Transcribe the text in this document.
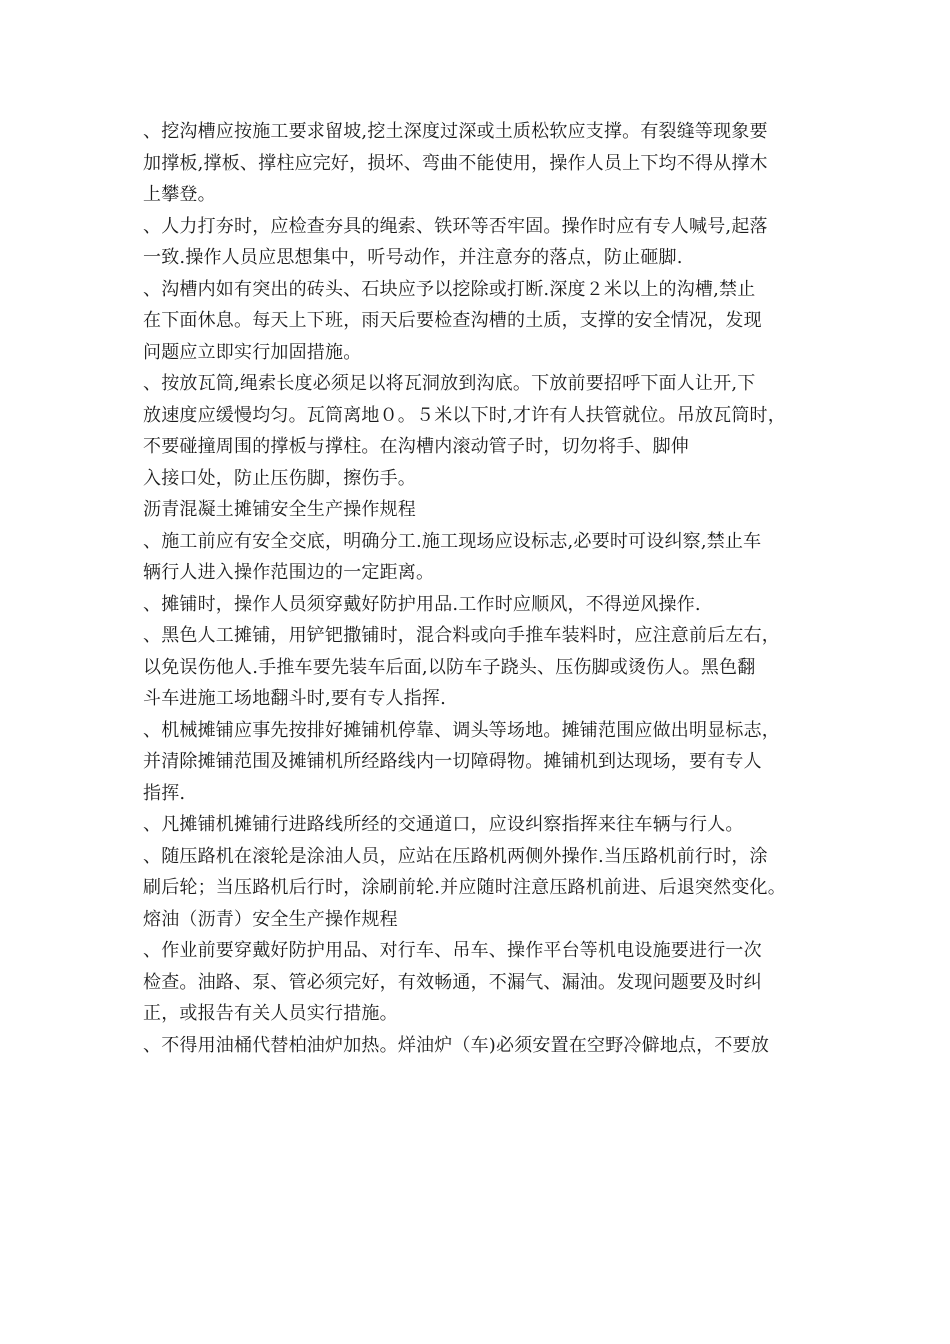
、挖沟槽应按施工要求留坡,挖土深度过深或土质松软应支撑。有裂缝等现象要
加撑板,撑板、撑柱应完好，损坏、弯曲不能使用，操作人员上下均不得从撑木
上攀登。
、人力打夯时，应检查夯具的绳索、铁环等否牢固。操作时应有专人喊号,起落
一致.操作人员应思想集中，听号动作，并注意夯的落点，防止砸脚.
、沟槽内如有突出的砖头、石块应予以挖除或打断.深度２米以上的沟槽,禁止
在下面休息。每天上下班，雨天后要检查沟槽的土质，支撑的安全情况，发现
问题应立即实行加固措施。
、按放瓦筒,绳索长度必须足以将瓦洞放到沟底。下放前要招呼下面人让开,下
放速度应缓慢均匀。瓦筒离地０。５米以下时,才许有人扶管就位。吊放瓦筒时，
不要碰撞周围的撑板与撑柱。在沟槽内滚动管子时，切勿将手、脚伸
入接口处，防止压伤脚，擦伤手。
沥青混凝土摊铺安全生产操作规程
、施工前应有安全交底，明确分工.施工现场应设标志,必要时可设纠察,禁止车
辆行人进入操作范围边的一定距离。
、摊铺时，操作人员须穿戴好防护用品.工作时应顺风，不得逆风操作.
、黑色人工摊铺，用铲钯撒铺时，混合料或向手推车装料时，应注意前后左右，
以免误伤他人.手推车要先装车后面,以防车子跷头、压伤脚或烫伤人。黑色翻
斗车进施工场地翻斗时,要有专人指挥.
、机械摊铺应事先按排好摊铺机停靠、调头等场地。摊铺范围应做出明显标志，
并清除摊铺范围及摊铺机所经路线内一切障碍物。摊铺机到达现场，要有专人
指挥.
、凡摊铺机摊铺行进路线所经的交通道口，应设纠察指挥来往车辆与行人。
、随压路机在滚轮是涂油人员，应站在压路机两侧外操作.当压路机前行时，涂
刷后轮；当压路机后行时，涂刷前轮.并应随时注意压路机前进、后退突然变化。
熔油（沥青）安全生产操作规程
、作业前要穿戴好防护用品、对行车、吊车、操作平台等机电设施要进行一次
检查。油路、泵、管必须完好，有效畅通，不漏气、漏油。发现问题要及时纠
正，或报告有关人员实行措施。
、不得用油桶代替柏油炉加热。烊油炉（车)必须安置在空野冷僻地点，不要放
